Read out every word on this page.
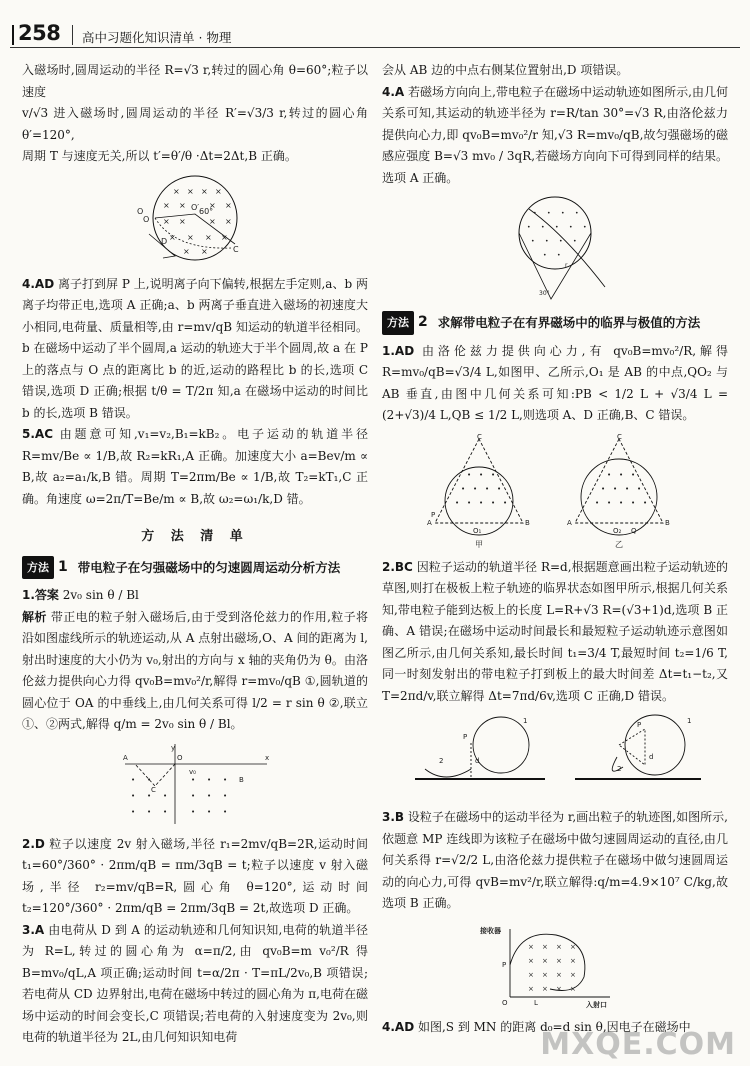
258 高中习题化知识清单 · 物理

入磁场时,圆周运动的半径 R=√3 r,转过的圆心角 θ=60°;粒子以速度

v/√3 进入磁场时,圆周运动的半径 R′=√3/3 r,转过的圆心角 θ′=120°,

周期 T 与速度无关,所以 t′=θ′/θ ·Δt=2Δt,B 正确。

× × × ×
× ×	× ×
× ×	× ×
× × × ×
× ×
O
O′ 60°
C
D
O

4.AD 离子打到屏 P 上,说明离子向下偏转,根据左手定则,a、b 两离子均带正电,选项 A 正确;a、b 两离子垂直进入磁场的初速度大小相同,电荷量、质量相等,由 r=mv/qB 知运动的轨道半径相同。b 在磁场中运动了半个圆周,a 运动的轨迹大于半个圆周,故 a 在 P 上的落点与 O 点的距离比 b 的近,运动的路程比 b 的长,选项 C 错误,选项 D 正确;根据 t/θ = T/2π 知,a 在磁场中运动的时间比 b 的长,选项 B 错误。

5.AC 由题意可知,v₁=v₂,B₁=kB₂。电子运动的轨道半径 R=mv/Be ∝ 1/B,故 R₂=kR₁,A 正确。加速度大小 a=Bev/m ∝ B,故 a₂=a₁/k,B 错。周期 T=2πm/Be ∝ 1/B,故 T₂=kT₁,C 正确。角速度 ω=2π/T=Be/m ∝ B,故 ω₂=ω₁/k,D 错。

方 法 清 单
方法 1 带电粒子在匀强磁场中的匀速圆周运动分析方法

1.答案 2v₀ sin θ / Bl

解析 带正电的粒子射入磁场后,由于受到洛伦兹力的作用,粒子将沿如图虚线所示的轨迹运动,从 A 点射出磁场,O、A 间的距离为 l,射出时速度的大小仍为 v₀,射出的方向与 x 轴的夹角仍为 θ。由洛伦兹力提供向心力得 qv₀B=mv₀²/r,解得 r=mv₀/qB ①,圆轨道的圆心位于 OA 的中垂线上,由几何关系可得 l/2 = r sin θ ②,联立①、②两式,解得 q/m = 2v₀ sin θ / Bl。

A	O
y
x
C
v₀
• •	• • • B
• • •	• • •
• • •	• • •

2.D 粒子以速度 2v 射入磁场,半径 r₁=2mv/qB=2R,运动时间 t₁=60°/360° · 2πm/qB = πm/3qB = t;粒子以速度 v 射入磁场,半径 r₂=mv/qB=R,圆心角 θ=120°,运动时间 t₂=120°/360° · 2πm/qB = 2πm/3qB = 2t,故选项 D 正确。

3.A 由电荷从 D 到 A 的运动轨迹和几何知识知,电荷的轨道半径为 R=L,转过的圆心角为 α=π/2,由 qv₀B=m v₀²/R 得 B=mv₀/qL,A 项正确;运动时间 t=α/2π · T=πL/2v₀,B 项错误;若电荷从 CD 边界射出,电荷在磁场中转过的圆心角为 π,电荷在磁场中运动的时间会变长,C 项错误;若电荷的入射速度变为 2v₀,则电荷的轨道半径为 2L,由几何知识知电荷

会从 AB 边的中点右侧某位置射出,D 项错误。

4.A 若磁场方向向上,带电粒子在磁场中运动轨迹如图所示,由几何关系可知,其运动的轨迹半径为 r=R/tan 30°=√3 R,由洛伦兹力提供向心力,即 qv₀B=mv₀²/r 知,√3 R=mv₀/qB,故匀强磁场的磁感应强度 B=√3 mv₀ / 3qR,若磁场方向向下可得到同样的结果。选项 A 正确。

• • • •
• • • • •
• • • •
• •
30°
r
方法 2 求解带电粒子在有界磁场中的临界与极值的方法

1.AD 由洛伦兹力提供向心力,有 qv₀B=mv₀²/R,解得 R=mv₀/qB=√3/4 L,如图甲、乙所示,O₁ 是 AB 的中点,QO₂ 与 AB 垂直,由图中几何关系可知:PB < 1/2 L + √3/4 L = (2+√3)/4 L,QB ≤ 1/2 L,则选项 A、D 正确,B、C 错误。

C	C
A	B
O₁
P
A	B
O₂ Q
• • •
• • • •
• • • • •
• • •
• • • •
• • • • •
甲	乙

2.BC 因粒子运动的轨道半径 R=d,根据题意画出粒子运动轨迹的草图,则打在极板上粒子轨迹的临界状态如图甲所示,根据几何关系知,带电粒子能到达板上的长度 L=R+√3 R=(√3+1)d,选项 B 正确、A 错误;在磁场中运动时间最长和最短粒子运动轨迹示意图如图乙所示,由几何关系知,最长时间 t₁=3/4 T,最短时间 t₂=1/6 T,同一时刻发射出的带电粒子打到板上的最大时间差 Δt=t₁−t₂,又 T=2πd/v,联立解得 Δt=7πd/6v,选项 C 正确,D 错误。

P
1
2	d
P	1
2
d

3.B 设粒子在磁场中的运动半径为 r,画出粒子的轨迹图,如图所示,依题意 MP 连线即为该粒子在磁场中做匀速圆周运动的直径,由几何关系得 r=√2/2 L,由洛伦兹力提供粒子在磁场中做匀速圆周运动的向心力,可得 qvB=mv²/r,联立解得:q/m=4.9×10⁷ C/kg,故选项 B 正确。

接收器
P
O	L	入射口
× × × ×
× × × ×
× × × ×
× × × ×

4.AD 如图,S 到 MN 的距离 d₀=d sin θ,因电子在磁场中

MXQE.COM
